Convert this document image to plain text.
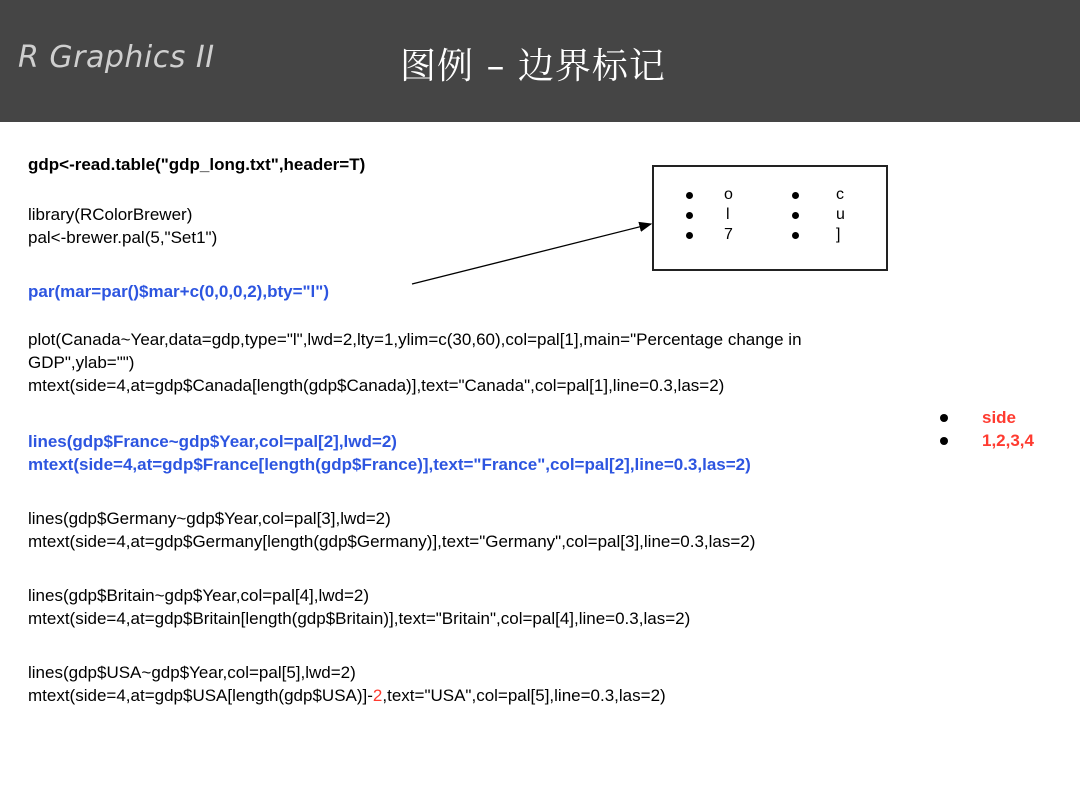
R Graphics II	图例 – 边界标记
gdp<-read.table("gdp_long.txt",header=T)
library(RColorBrewer)
pal<-brewer.pal(5,"Set1")
par(mar=par()$mar+c(0,0,0,2),bty="l")
plot(Canada~Year,data=gdp,type="l",lwd=2,lty=1,ylim=c(30,60),col=pal[1],main="Percentage change in
GDP",ylab="")
mtext(side=4,at=gdp$Canada[length(gdp$Canada)],text="Canada",col=pal[1],line=0.3,las=2)
lines(gdp$France~gdp$Year,col=pal[2],lwd=2)
mtext(side=4,at=gdp$France[length(gdp$France)],text="France",col=pal[2],line=0.3,las=2)
lines(gdp$Germany~gdp$Year,col=pal[3],lwd=2)
mtext(side=4,at=gdp$Germany[length(gdp$Germany)],text="Germany",col=pal[3],line=0.3,las=2)
lines(gdp$Britain~gdp$Year,col=pal[4],lwd=2)
mtext(side=4,at=gdp$Britain[length(gdp$Britain)],text="Britain",col=pal[4],line=0.3,las=2)
lines(gdp$USA~gdp$Year,col=pal[5],lwd=2)
mtext(side=4,at=gdp$USA[length(gdp$USA)]-2,text="USA",col=pal[5],line=0.3,las=2)
o
l
7
c
u
]
side
1,2,3,4
